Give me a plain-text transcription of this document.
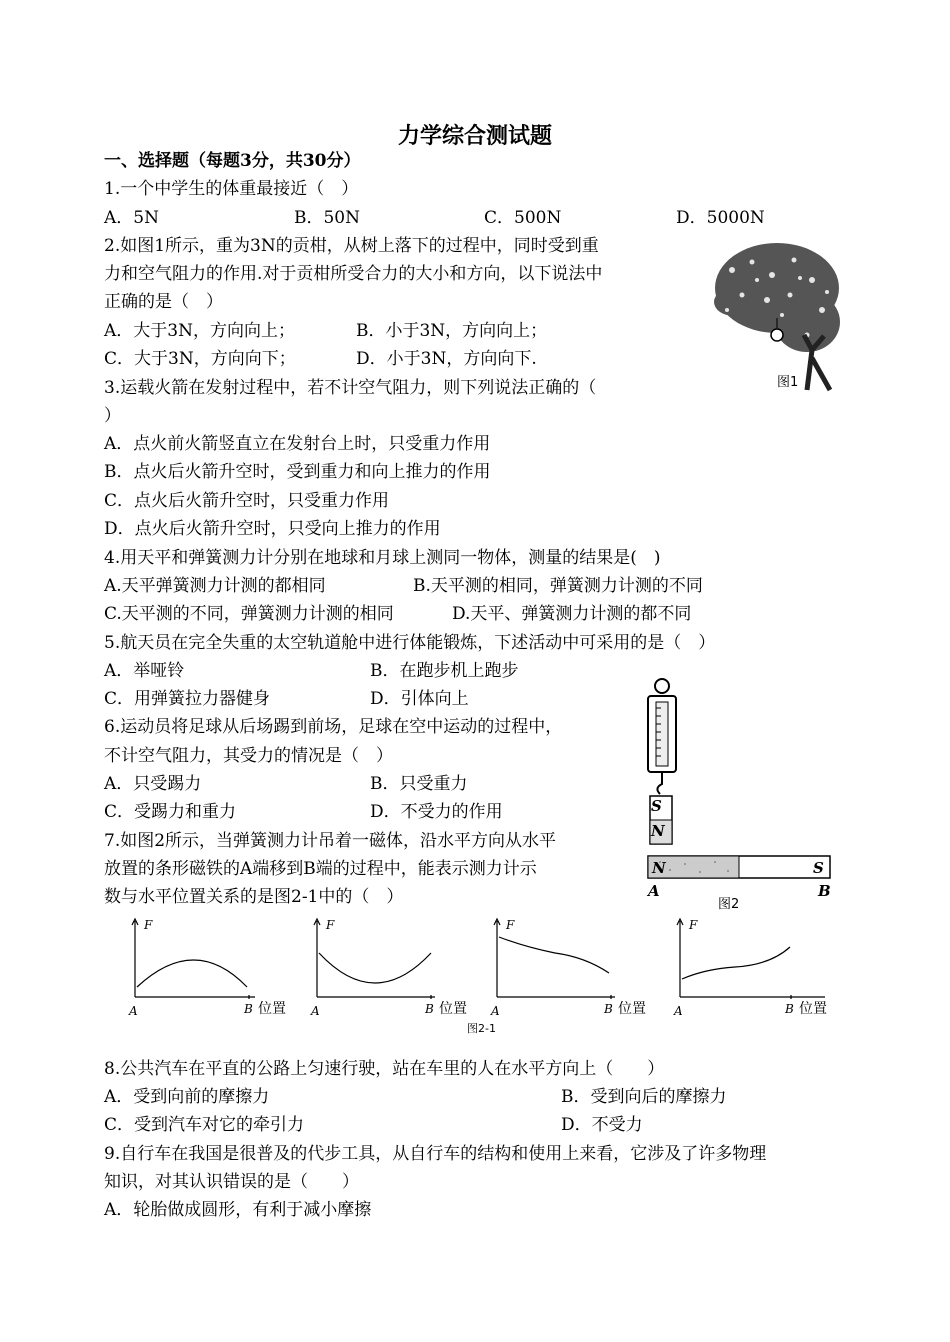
力学综合测试题
一、选择题（每题3分，共30分）
1.一个中学生的体重最接近（　）
A．5N	B．50N	C．500N	D．5000N
2.如图1所示，重为3N的贡柑，从树上落下的过程中，同时受到重
力和空气阻力的作用.对于贡柑所受合力的大小和方向，以下说法中
正确的是（　）
A．大于3N，方向向上；	B．小于3N，方向向上；
C．大于3N，方向向下；	D．小于3N，方向向下.
图1
3.运载火箭在发射过程中，若不计空气阻力，则下列说法正确的（
）
A．点火前火箭竖直立在发射台上时，只受重力作用
B．点火后火箭升空时，受到重力和向上推力的作用
C．点火后火箭升空时，只受重力作用
D．点火后火箭升空时，只受向上推力的作用
4.用天平和弹簧测力计分别在地球和月球上测同一物体，测量的结果是(　)
A.天平弹簧测力计测的都相同	B.天平测的相同，弹簧测力计测的不同
C.天平测的不同，弹簧测力计测的相同	D.天平、弹簧测力计测的都不同
5.航天员在完全失重的太空轨道舱中进行体能锻炼，下述活动中可采用的是（　）
A．举哑铃	B．在跑步机上跑步
C．用弹簧拉力器健身	D．引体向上
S
N
N	S
A	B
图2
6.运动员将足球从后场踢到前场，足球在空中运动的过程中，
不计空气阻力，其受力的情况是（　）
A．只受踢力	B．只受重力
C．受踢力和重力	D．不受力的作用
7.如图2所示，当弹簧测力计吊着一磁体，沿水平方向从水平
放置的条形磁铁的A端移到B端的过程中，能表示测力计示
数与水平位置关系的是图2-1中的（　）
F
A	B 位置
F
A	B 位置
F
A	B 位置
F
A	B 位置
图2-1
8.公共汽车在平直的公路上匀速行驶，站在车里的人在水平方向上（　　）
A．受到向前的摩擦力	B．受到向后的摩擦力
C．受到汽车对它的牵引力	D．不受力
9.自行车在我国是很普及的代步工具，从自行车的结构和使用上来看，它涉及了许多物理
知识，对其认识错误的是（　　）
A．轮胎做成圆形，有利于减小摩擦
